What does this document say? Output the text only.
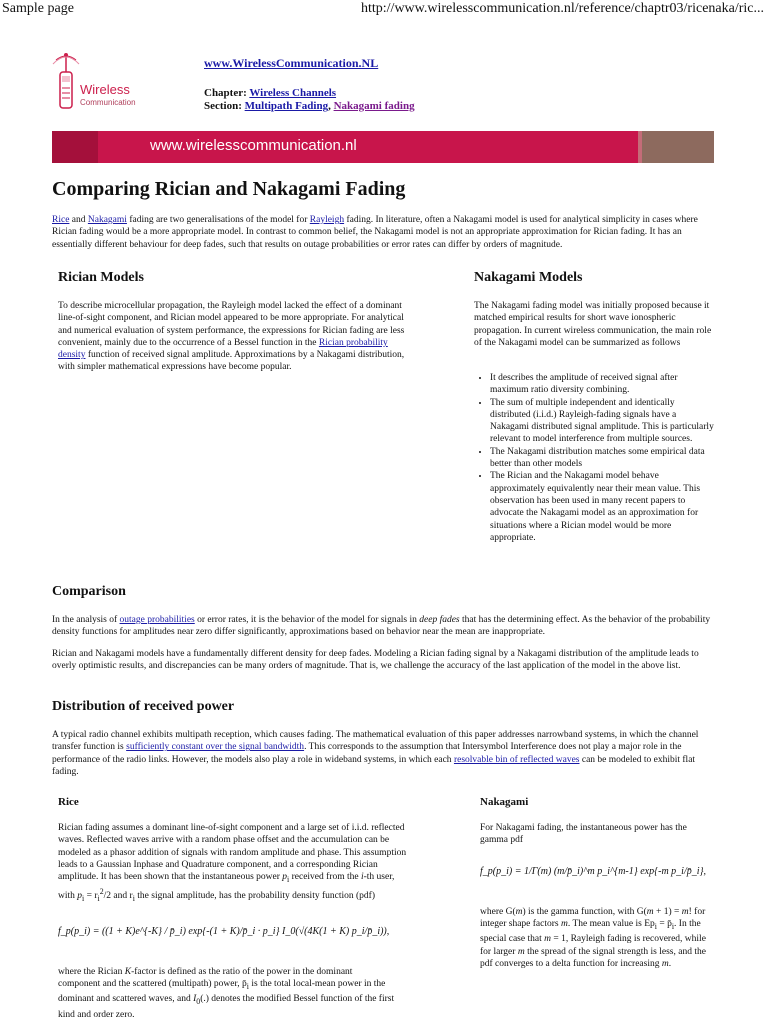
Sample page	http://www.wirelesscommunication.nl/reference/chaptr03/ricenaka/ric...
Wireless
Communication
www.WirelessCommunication.NL
Chapter: Wireless Channels
Section: Multipath Fading, Nakagami fading
www.wirelesscommunication.nl
Comparing Rician and Nakagami Fading

Rice and Nakagami fading are two generalisations of the model for Rayleigh fading. In literature, often a Nakagami model is used for analytical simplicity in cases where Rician fading would be a more appropriate model. In contrast to common belief, the Nakagami model is not an appropriate approximation for Rician fading. It has an essentially different behaviour for deep fades, such that results on outage probabilities or error rates can differ by orders of magnitude.

Rician Models

To describe microcellular propagation, the Rayleigh model lacked the effect of a dominant line-of-sight component, and Rician model appeared to be more appropriate. For analytical and numerical evaluation of system performance, the expressions for Rician fading are less convenient, mainly due to the occurrence of a Bessel function in the Rician probability density function of received signal amplitude. Approximations by a Nakagami distribution, with simpler mathematical expressions have become popular.

Nakagami Models

The Nakagami fading model was initially proposed because it matched empirical results for short wave ionospheric propagation. In current wireless communication, the main role of the Nakagami model can be summarized as follows

• It describes the amplitude of received signal after maximum ratio diversity combining.
• The sum of multiple independent and identically distributed (i.i.d.) Rayleigh-fading signals have a Nakagami distributed signal amplitude. This is particularly relevant to model interference from multiple sources.
• The Nakagami distribution matches some empirical data better than other models
• The Rician and the Nakagami model behave approximately equivalently near their mean value. This observation has been used in many recent papers to advocate the Nakagami model as an approximation for situations where a Rician model would be more appropriate.
Comparison

In the analysis of outage probabilities or error rates, it is the behavior of the model for signals in deep fades that has the determining effect. As the behavior of the probability density functions for amplitudes near zero differ significantly, approximations based on behavior near the mean are inappropriate.

Rician and Nakagami models have a fundamentally different density for deep fades. Modeling a Rician fading signal by a Nakagami distribution of the amplitude leads to overly optimistic results, and discrepancies can be many orders of magnitude. That is, we challenge the accuracy of the last application of the model in the above list.

Distribution of received power

A typical radio channel exhibits multipath reception, which causes fading. The mathematical evaluation of this paper addresses narrowband systems, in which the channel transfer function is sufficiently constant over the signal bandwidth. This corresponds to the assumption that Intersymbol Interference does not play a major role in the performance of the radio links. However, the models also play a role in wideband systems, in which each resolvable bin of reflected waves can be modeled to exhibit flat fading.

Rice

Rician fading assumes a dominant line-of-sight component and a large set of i.i.d. reflected waves. Reflected waves arrive with a random phase offset and the accumulation can be modeled as a phasor addition of signals with random amplitude and phase. This assumption leads to a Gaussian Inphase and Quadrature component, and a corresponding Rician amplitude. It has been shown that the instantaneous power $p_i$ received from the i-th user, with $p_i = r_i^2/2$ and $r_i$ the signal amplitude, has the probability density function (pdf)

f_p(p_i) = ((1 + K)e^{-K} / p̄_i) exp{-(1 + K)/p̄_i · p_i} I_0(√(4K(1 + K) p_i/p̄_i)),

where the Rician K-factor is defined as the ratio of the power in the dominant
component and the scattered (multipath) power, $p̄_i$ is the total local-mean power in the dominant and scattered waves, and $I_0(.)$ denotes the modified Bessel function of the first kind and order zero.

Nakagami

For Nakagami fading, the instantaneous power has the gamma pdf

f_p(p_i) = 1/Γ(m) (m/p̄_i)^m p_i^{m-1} exp{-m p_i/p̄_i},

where G(m) is the gamma function, with G(m + 1) = m! for integer shape factors m. The mean value is $Ep_i$ = $p̄_i$. In the special case that m = 1, Rayleigh fading is recovered, while for larger m the spread of the signal strength is less, and the pdf converges to a delta function for increasing m.
